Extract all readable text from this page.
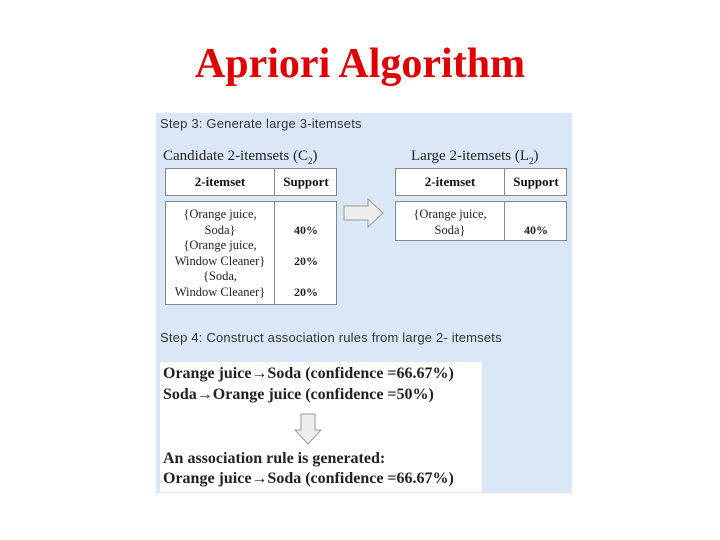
Apriori Algorithm
Step 3: Generate large 3-itemsets
Candidate 2-itemsets $(C_2)$	Large 2-itemsets $(L_2)$
2-itemset	Support
{Orange juice,
Soda}	40%
{Orange juice,
Window Cleaner}	20%
{Soda,
Window Cleaner}	20%
2-itemset	Support
{Orange juice,
Soda}	40%
Step 4: Construct association rules from large 2- itemsets
Orange juice→Soda (confidence =66.67%)
Soda→Orange juice (confidence =50%)
An association rule is generated:
Orange juice→Soda (confidence =66.67%)
